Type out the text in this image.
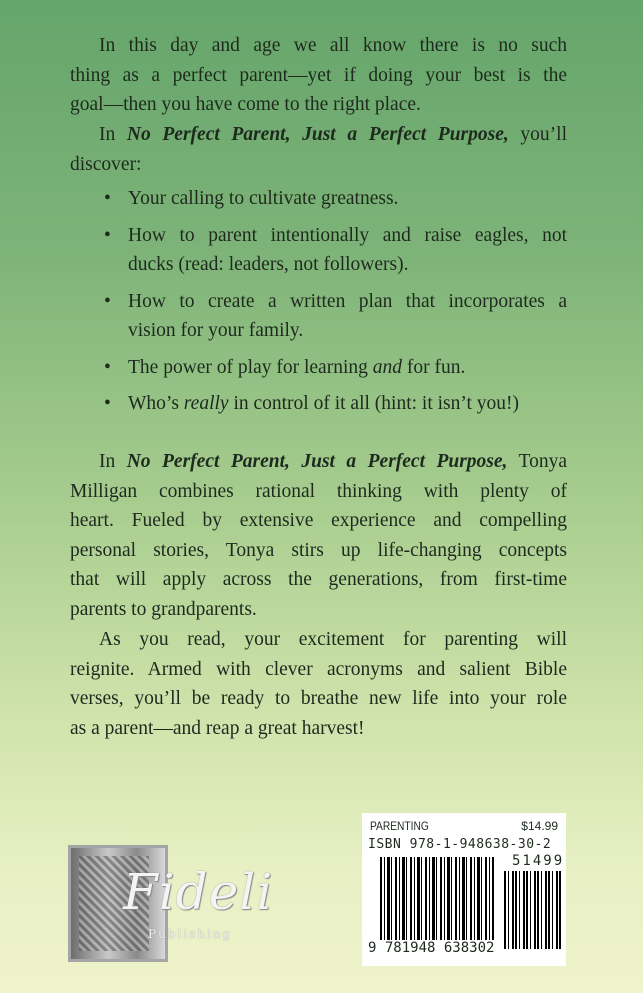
In this day and age we all know there is no such
thing as a perfect parent—yet if doing your best is the
goal—then you have come to the right place.
In No Perfect Parent, Just a Perfect Purpose, you’ll
discover:
• Your calling to cultivate greatness.
• How to parent intentionally and raise eagles, not
ducks (read: leaders, not followers).
• How to create a written plan that incorporates a
vision for your family.
• The power of play for learning and for fun.
• Who’s really in control of it all (hint: it isn’t you!)
In No Perfect Parent, Just a Perfect Purpose, Tonya
Milligan combines rational thinking with plenty of
heart. Fueled by extensive experience and compelling
personal stories, Tonya stirs up life-changing concepts
that will apply across the generations, from first-time
parents to grandparents.
As you read, your excitement for parenting will
reignite. Armed with clever acronyms and salient Bible
verses, you’ll be ready to breathe new life into your role
as a parent—and reap a great harvest!
PARENTING	$14.99
ISBN 978-1-948638-30-2
51499
9 781948 638302
Fideli
Publishing
